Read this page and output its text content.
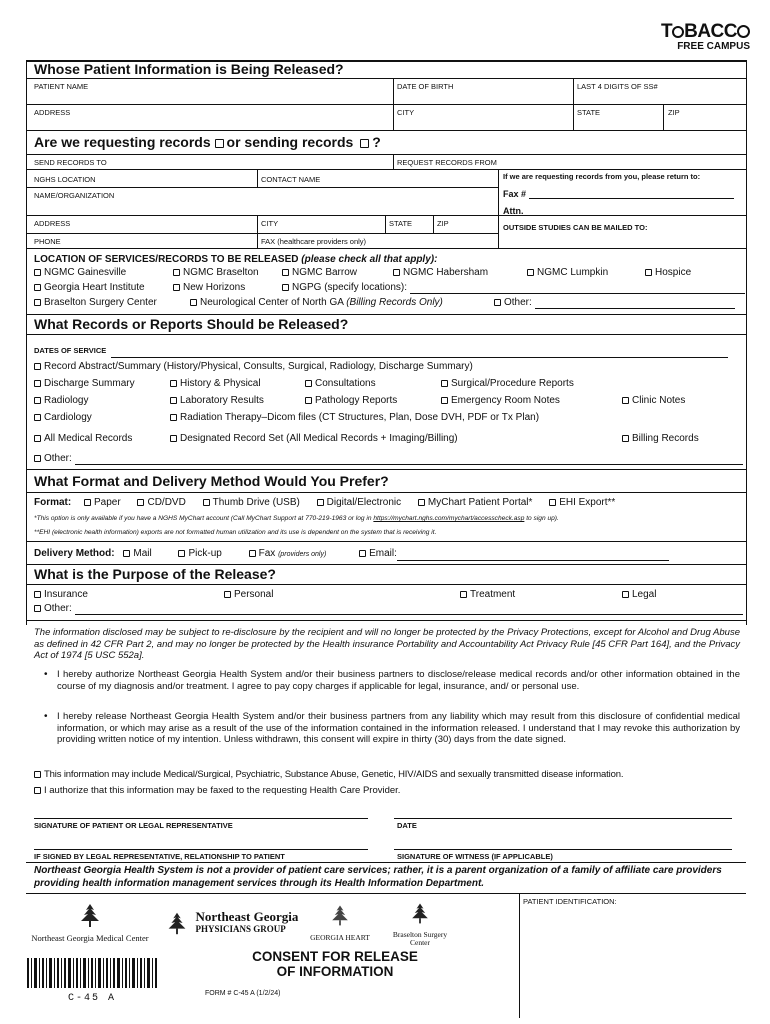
T BACC
FREE CAMPUS
Whose Patient Information is Being Released?
PATIENT NAME	DATE OF BIRTH	LAST 4 DIGITS OF SS#
ADDRESS	CITY	STATE	ZIP
Are we requesting records or sending records ?
SEND RECORDS TO	REQUEST RECORDS FROM
NGHS LOCATION	CONTACT NAME	If we are requesting records from you, please return to:
NAME/ORGANIZATION	Fax #
Attn.
ADDRESS	CITY	STATE	ZIP	OUTSIDE STUDIES CAN BE MAILED TO:
PHONE	FAX (healthcare providers only)
LOCATION OF SERVICES/RECORDS TO BE RELEASED (please check all that apply):
NGMC Gainesville	NGMC Braselton	NGMC Barrow	NGMC Habersham	NGMC Lumpkin	Hospice
Georgia Heart Institute	New Horizons	NGPG (specify locations):
Braselton Surgery Center	Neurological Center of North GA (Billing Records Only)	Other:
What Records or Reports Should be Released?
DATES OF SERVICE
Record Abstract/Summary (History/Physical, Consults, Surgical, Radiology, Discharge Summary)
Discharge Summary	History & Physical	Consultations	Surgical/Procedure Reports
Radiology	Laboratory Results	Pathology Reports	Emergency Room Notes	Clinic Notes
Cardiology	Radiation Therapy–Dicom files (CT Structures, Plan, Dose DVH, PDF or Tx Plan)
All Medical Records	Designated Record Set (All Medical Records + Imaging/Billing)	Billing Records
Other:
What Format and Delivery Method Would You Prefer?
Format: Paper	CD/DVD	Thumb Drive (USB)	Digital/Electronic	MyChart Patient Portal*	EHI Export**
*This option is only available if you have a NGHS MyChart account (Call MyChart Support at 770-219-1963 or log in https://mychart.nghs.com/mychart/accesscheck.asp to sign up).
**EHI (electronic health information) exports are not formatted human utilization and its use is dependent on the system that is receiving it.
Delivery Method: Mail	Pick-up	Fax (providers only)	Email:
What is the Purpose of the Release?
Insurance	Personal	Treatment	Legal
Other:
The information disclosed may be subject to re-disclosure by the recipient and will no longer be protected by the Privacy Protections, except for Alcohol and Drug Abuse as defined in 42 CFR Part 2, and may no longer be protected by the Health insurance Portability and Accountability Act Privacy Rule [45 CFR Part 164], and the Privacy Act of 1974 [5 USC 552a].
• I hereby authorize Northeast Georgia Health System and/or their business partners to disclose/release medical records and/or other information obtained in the course of my diagnosis and/or treatment. I agree to pay copy charges if applicable for legal, insurance, and/ or personal use.
• I hereby release Northeast Georgia Health System and/or their business partners from any liability which may result from this disclosure of confidential medical information, or which may arise as a result of the use of the information contained in the information released. I understand that I may revoke this authorization by providing written notice of my intention. Unless withdrawn, this consent will expire in thirty (30) days from the date signed.
This information may include Medical/Surgical, Psychiatric, Substance Abuse, Genetic, HIV/AIDS and sexually transmitted disease information.
I authorize that this information may be faxed to the requesting Health Care Provider.
SIGNATURE OF PATIENT OR LEGAL REPRESENTATIVE	DATE
IF SIGNED BY LEGAL REPRESENTATIVE, RELATIONSHIP TO PATIENT	SIGNATURE OF WITNESS (IF APPLICABLE)
Northeast Georgia Health System is not a provider of patient care services; rather, it is a parent organization of a family of affiliate care providers providing health information management services through its Health Information Department.
PATIENT IDENTIFICATION:
Northeast Georgia Medical Center

Northeast Georgia
PHYSICIANS GROUP
GEORGIA HEART	Braselton Surgery
Center
C-45 A
CONSENT FOR RELEASE
OF INFORMATION
FORM # C-45 A (1/2/24)
